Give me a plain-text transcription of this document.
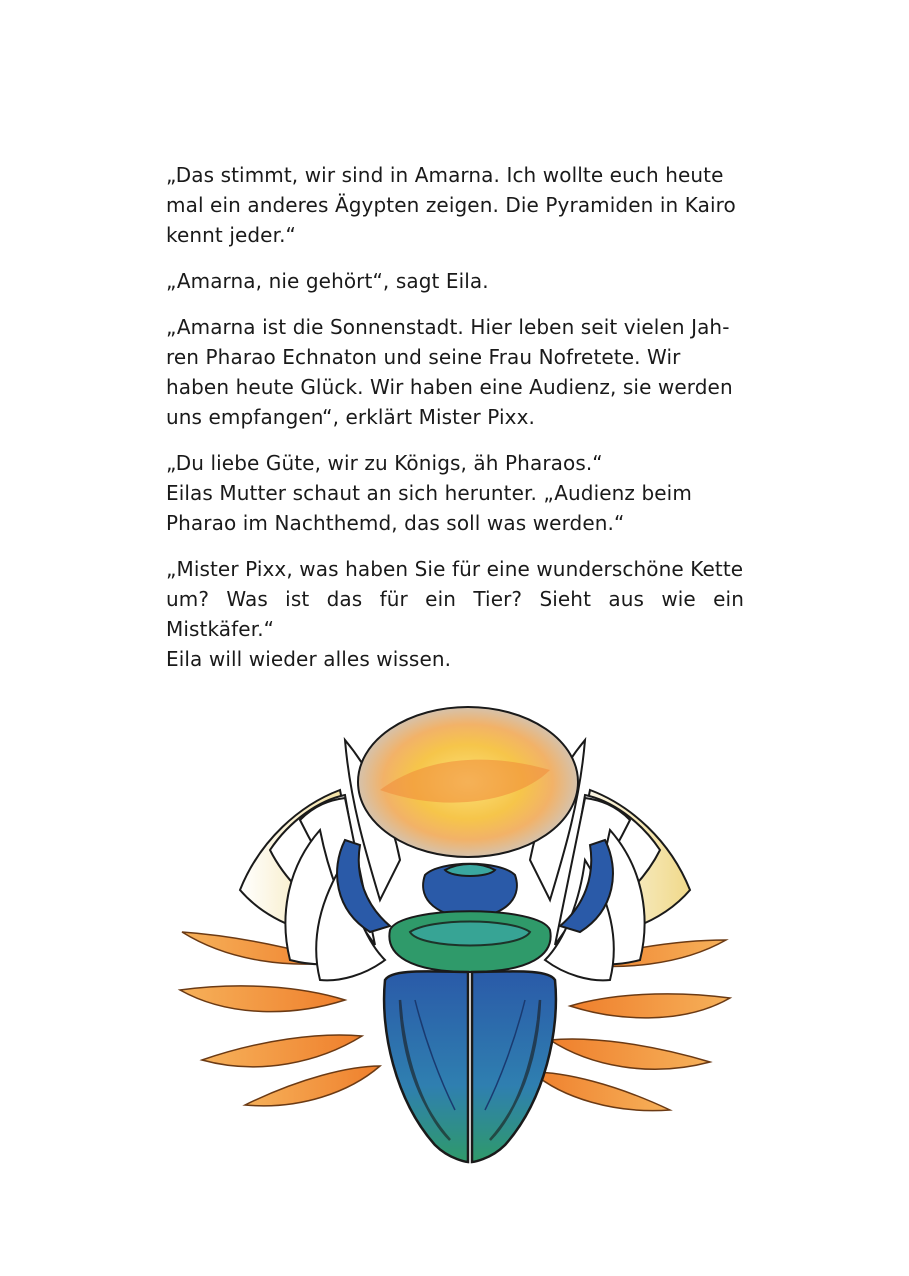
„Das stimmt, wir sind in Amarna. Ich wollte euch heute
mal ein anderes Ägypten zeigen. Die Pyramiden in Kairo
kennt jeder.“

„Amarna, nie gehört“, sagt Eila.

„Amarna ist die Sonnenstadt. Hier leben seit vielen Jah-
ren Pharao Echnaton und seine Frau Nofretete. Wir
haben heute Glück. Wir haben eine Audienz, sie werden
uns empfangen“, erklärt Mister Pixx.

„Du liebe Güte, wir zu Königs, äh Pharaos.“
Eilas Mutter schaut an sich herunter. „Audienz beim
Pharao im Nachthemd, das soll was werden.“

„Mister Pixx, was haben Sie für eine wunderschöne Kette
um? Was ist das für ein Tier? Sieht aus wie ein Mistkäfer.“
Eila will wieder alles wissen.
